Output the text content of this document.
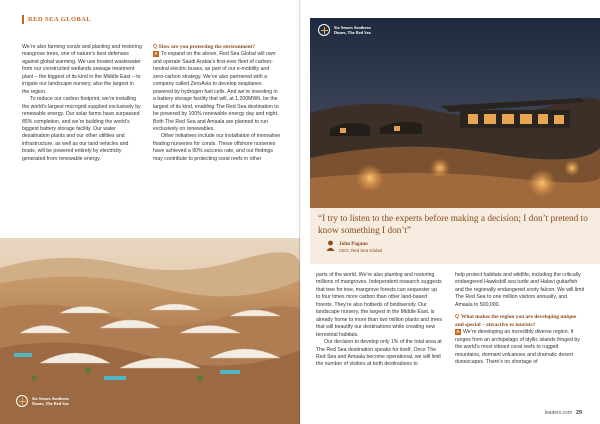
RED SEA GLOBAL

We’re also farming corals and planting and restoring mangrove trees, one of nature’s best defenses against global warming. We use treated wastewater from our constructed wetlands sewage treatment plant – the biggest of its kind in the Middle East – to irrigate our landscape nursery, also the largest in the region.

To reduce our carbon footprint, we’re installing the world’s largest microgrid supplied exclusively by renewable energy. Our solar farms have surpassed 85% completion, and we’re building the world’s biggest battery storage facility. Our water desalination plants and our other utilities and infrastructure, as well as our land vehicles and boats, will be powered entirely by electricity generated from renewable energy.

Q How are you protecting the environment?

A To expand on the above, Red Sea Global will own and operate Saudi Arabia’s first-ever fleet of carbon-neutral electric buses, as part of our e-mobility and zero-carbon strategy. We’ve also partnered with a company called ZeroAvia to develop seaplanes powered by hydrogen fuel cells. And we’re investing in a battery storage facility that will, at 1,200MWh, be the largest of its kind, enabling The Red Sea destination to be powered by 100% renewable energy day and night. Both The Red Sea and Amaala are planned to run exclusively on renewables.

Other initiatives include our installation of innovative floating nurseries for corals. These offshore nurseries have achieved a 90% success rate, and our findings may contribute to protecting coral reefs in other

Six Senses Southern
Dunes, The Red Sea
Six Senses Southern
Dunes, The Red Sea
“I try to listen to the experts before making a decision; I don’t pretend to know something I don’t”
John Pagano
CEO, Red Sea Global

parts of the world. We’re also planting and restoring millions of mangroves. Independent research suggests that tree for tree, mangrove forests can sequester up to four times more carbon than other land-based forests. They’re also hotbeds of biodiversity. Our landscape nursery, the largest in the Middle East, is already home to more than two million plants and trees that will beautify our destinations while creating new terrestrial habitats.

Our decision to develop only 1% of the total area at The Red Sea destination speaks for itself. Once The Red Sea and Amaala become operational, we will limit the number of visitors at both destinations to

help protect habitats and wildlife, including the critically endangered Hawksbill sea turtle and Halavi guitarfish and the regionally endangered sooty falcon. We will limit The Red Sea to one million visitors annually, and Amaala to 500,000.

Q What makes the region you are developing unique and special – attractive to tourists?

A We’re developing an incredibly diverse region. It ranges from an archipelago of idyllic islands fringed by the world’s most vibrant coral reefs to rugged mountains, dormant volcanoes and dramatic desert dunescapes. There’s no shortage of

leaders.com 29
